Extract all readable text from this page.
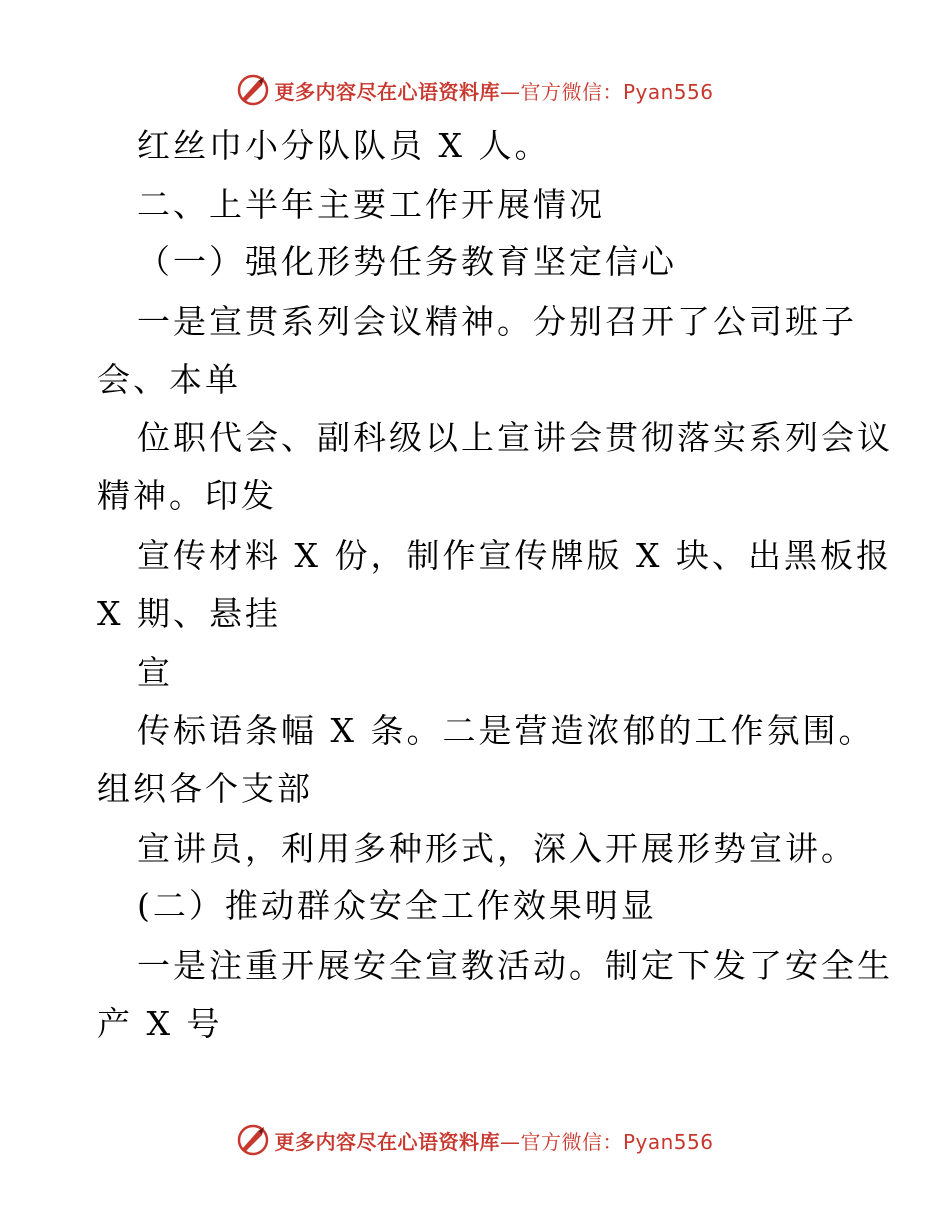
更多内容尽在心语资料库—官方微信：Pyan556
红丝巾小分队队员 X 人。
二、上半年主要工作开展情况
（一）强化形势任务教育坚定信心
一是宣贯系列会议精神。分别召开了公司班子
会、本单
位职代会、副科级以上宣讲会贯彻落实系列会议
精神。印发
宣传材料 X 份，制作宣传牌版 X 块、出黑板报
X 期、悬挂
宣
传标语条幅 X 条。二是营造浓郁的工作氛围。
组织各个支部
宣讲员，利用多种形式，深入开展形势宣讲。
(二）推动群众安全工作效果明显
一是注重开展安全宣教活动。制定下发了安全生
产 X 号
更多内容尽在心语资料库—官方微信：Pyan556
